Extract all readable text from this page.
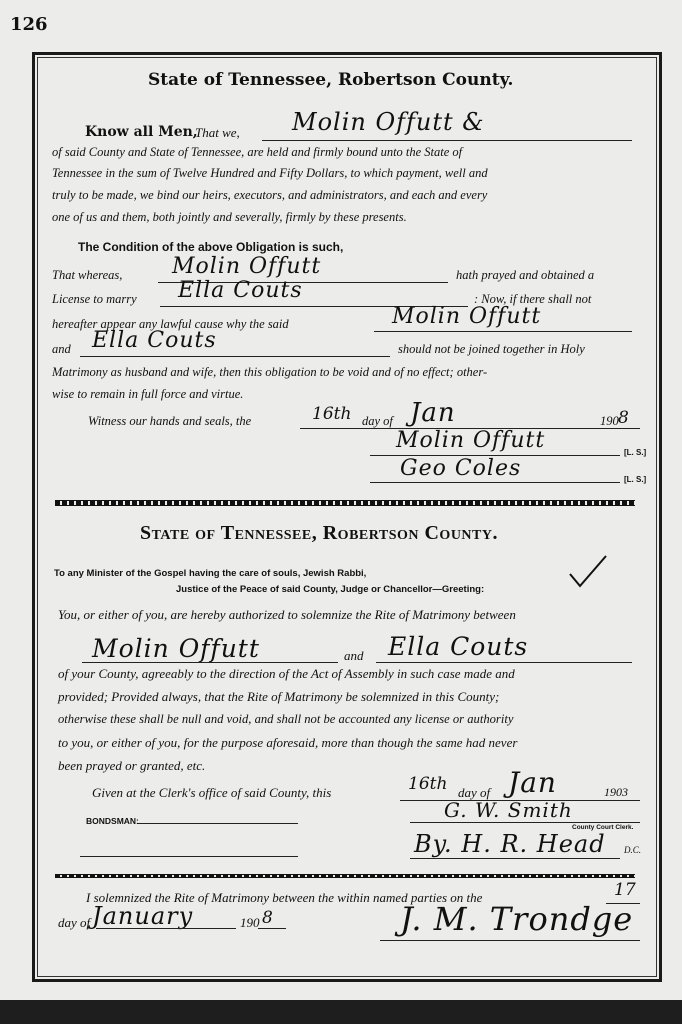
126
State of Tennessee, Robertson County.
Know all Men,
That we, Molin Offutt &
of said County and State of Tennessee, are held and firmly bound unto the State of
Tennessee in the sum of Twelve Hundred and Fifty Dollars, to which payment, well and
truly to be made, we bind our heirs, executors, and administrators, and each and every
one of us and them, both jointly and severally, firmly by these presents.
The Condition of the above Obligation is such,
That whereas, Molin Offutt	hath prayed and obtained a
License to marry Ella Couts	: Now, if there shall not
hereafter appear any lawful cause why the said	Molin Offutt
and Ella Couts	should not be joined together in Holy
Matrimony as husband and wife, then this obligation to be void and of no effect; other-
wise to remain in full force and virtue.
Witness our hands and seals, the	16th day of Jan	190 8
Molin Offutt	[L. S.]
Geo Coles	[L. S.]
State of Tennessee, Robertson County.
To any Minister of the Gospel having the care of souls, Jewish Rabbi,
Justice of the Peace of said County, Judge or Chancellor—Greeting:
You, or either of you, are hereby authorized to solemnize the Rite of Matrimony between
Molin Offutt	and Ella Couts
of your County, agreeably to the direction of the Act of Assembly in such case made and
provided; Provided always, that the Rite of Matrimony be solemnized in this County;
otherwise these shall be null and void, and shall not be accounted any license or authority
to you, or either of you, for the purpose aforesaid, more than though the same had never
been prayed or granted, etc.
Given at the Clerk's office of said County, this	16th day of Jan	1903
BONDSMAN:	G. W. Smith
County Court Clerk.
By. H. R. Head D.C.
I solemnized the Rite of Matrimony between the within named parties on the	17
day of January	190 8	J. M. Trondge
